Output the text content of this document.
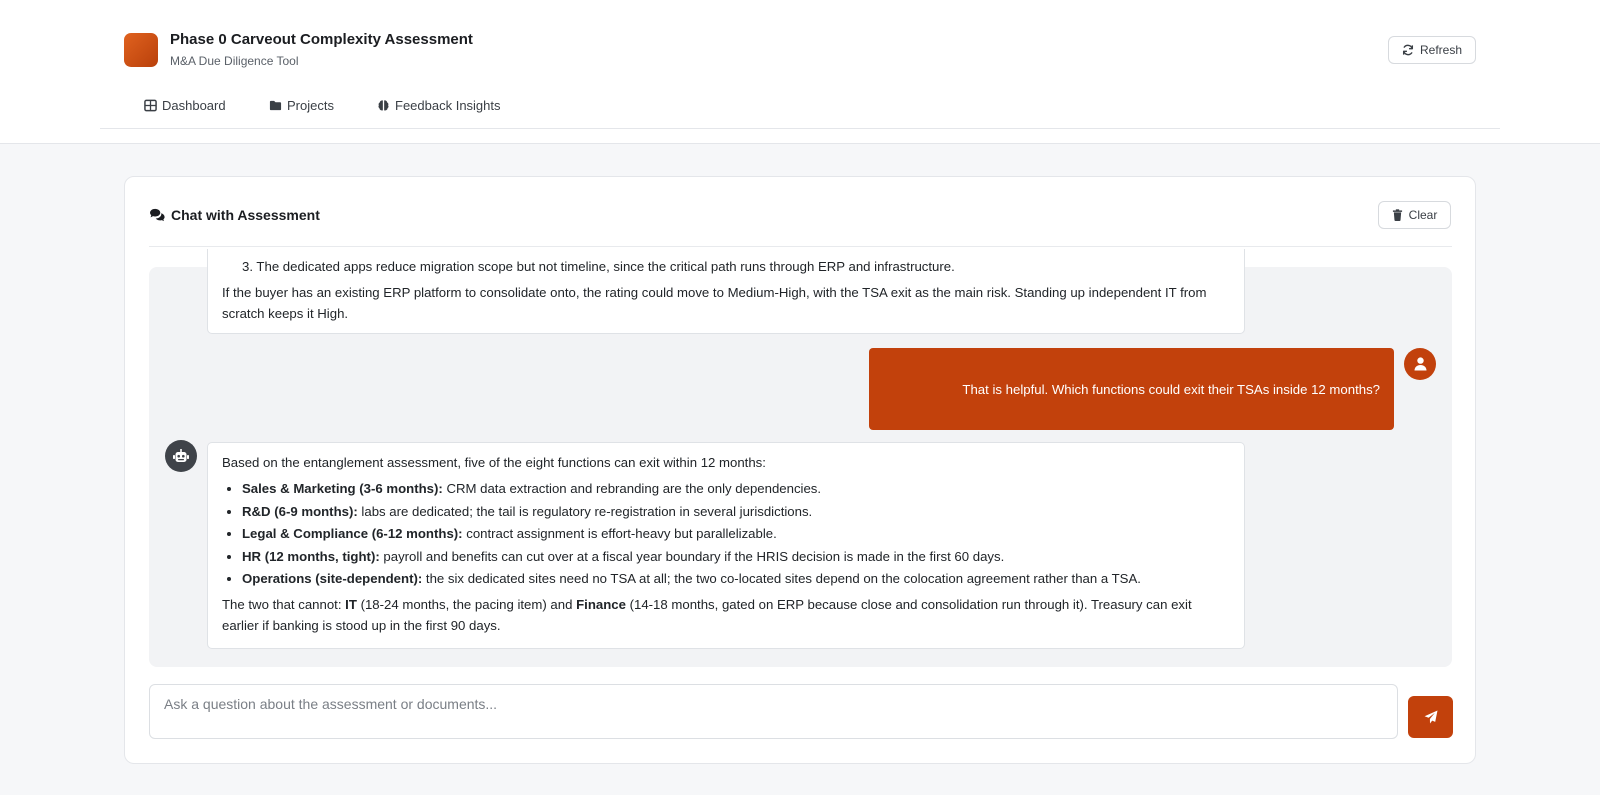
Phase 0 Carveout Complexity Assessment
M&A Due Diligence Tool
Refresh
Dashboard	Projects	Feedback Insights
Chat with Assessment	Clear
3. The dedicated apps reduce migration scope but not timeline, since the critical path runs through ERP and infrastructure.
If the buyer has an existing ERP platform to consolidate onto, the rating could move to Medium-High, with the TSA exit as the main risk. Standing up independent IT from scratch keeps it High.
That is helpful. Which functions could exit their TSAs inside 12 months?
Based on the entanglement assessment, five of the eight functions can exit within 12 months:
• Sales & Marketing (3-6 months): CRM data extraction and rebranding are the only dependencies.
• R&D (6-9 months): labs are dedicated; the tail is regulatory re-registration in several jurisdictions.
• Legal & Compliance (6-12 months): contract assignment is effort-heavy but parallelizable.
• HR (12 months, tight): payroll and benefits can cut over at a fiscal year boundary if the HRIS decision is made in the first 60 days.
• Operations (site-dependent): the six dedicated sites need no TSA at all; the two co-located sites depend on the colocation agreement rather than a TSA.
The two that cannot: IT (18-24 months, the pacing item) and Finance (14-18 months, gated on ERP because close and consolidation run through it). Treasury can exit earlier if banking is stood up in the first 90 days.
Ask a question about the assessment or documents...
